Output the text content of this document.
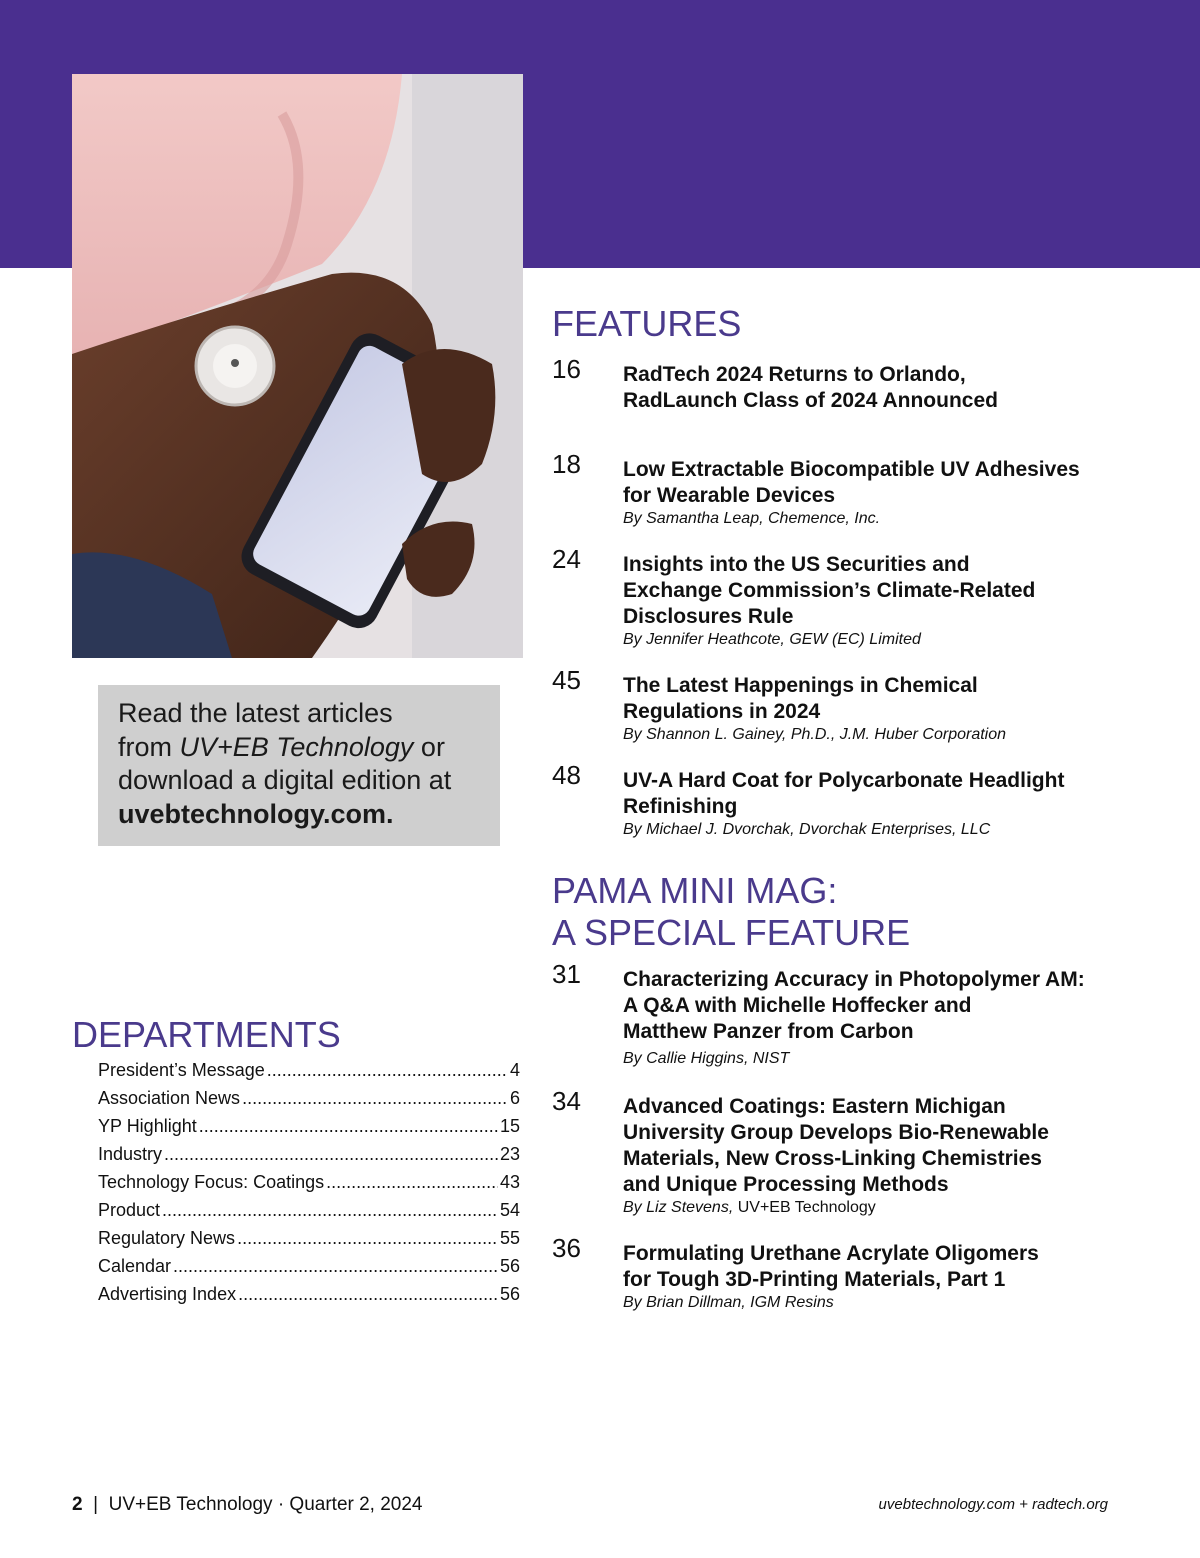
Read the latest articles
from UV+EB Technology or
download a digital edition at
uvebtechnology.com.
FEATURES
16 RadTech 2024 Returns to Orlando,
RadLaunch Class of 2024 Announced
18 Low Extractable Biocompatible UV Adhesives
for Wearable Devices
By Samantha Leap, Chemence, Inc.
24 Insights into the US Securities and
Exchange Commission’s Climate-Related
Disclosures Rule
By Jennifer Heathcote, GEW (EC) Limited
45 The Latest Happenings in Chemical
Regulations in 2024
By Shannon L. Gainey, Ph.D., J.M. Huber Corporation
48 UV-A Hard Coat for Polycarbonate Headlight
Refinishing
By Michael J. Dvorchak, Dvorchak Enterprises, LLC
PAMA MINI MAG:
A SPECIAL FEATURE
31 Characterizing Accuracy in Photopolymer AM:
A Q&A with Michelle Hoffecker and
Matthew Panzer from Carbon
By Callie Higgins, NIST
34 Advanced Coatings: Eastern Michigan
University Group Develops Bio-Renewable
Materials, New Cross-Linking Chemistries
and Unique Processing Methods
By Liz Stevens, UV+EB Technology
36 Formulating Urethane Acrylate Oligomers
for Tough 3D-Printing Materials, Part 1
By Brian Dillman, IGM Resins
DEPARTMENTS
President’s Message .....	4
Association News .....	6
YP Highlight .....	15
Industry .....	23
Technology Focus: Coatings .....	43
Product .....	54
Regulatory News .....	55
Calendar .....	56
Advertising Index .....	56
2 | UV+EB Technology · Quarter 2, 2024	uvebtechnology.com + radtech.org
